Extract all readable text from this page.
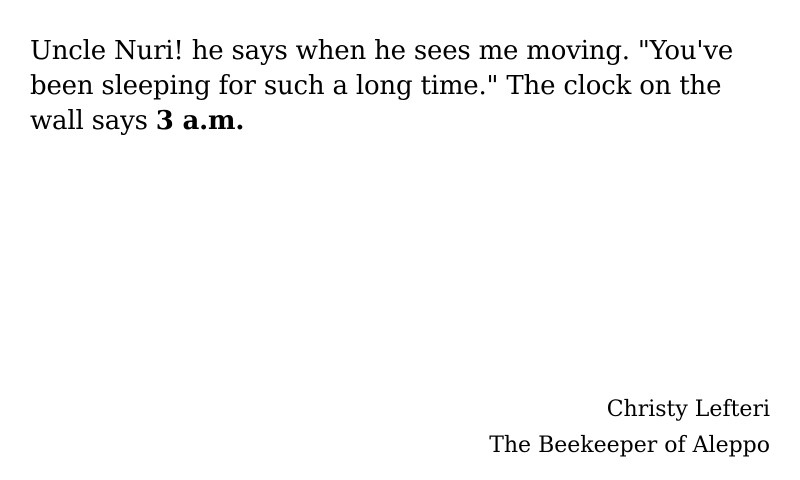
Uncle Nuri! he says when he sees me moving. "You've been sleeping for such a long time." The clock on the wall says 3 a.m.

Christy Lefteri
The Beekeeper of Aleppo
